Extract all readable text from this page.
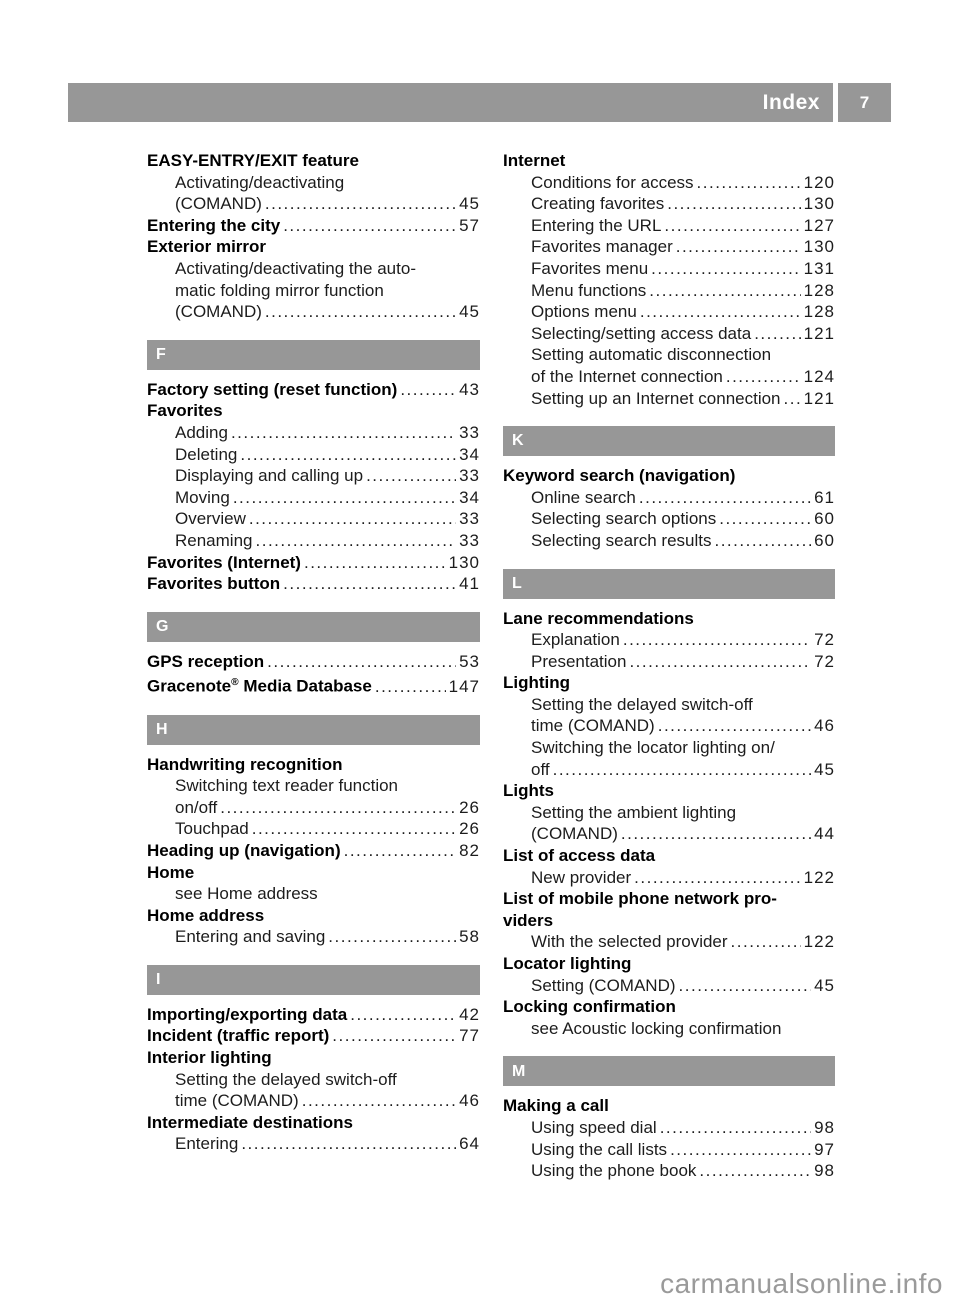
Index 7
EASY-ENTRY/EXIT feature
Activating/deactivating
(COMAND) .....	45
Entering the city .....	57
Exterior mirror
Activating/deactivating the auto-
matic folding mirror function
(COMAND) .....	45
F
Factory setting (reset function) .....	43
Favorites
Adding .....	33
Deleting .....	34
Displaying and calling up .....	33
Moving .....	34
Overview .....	33
Renaming .....	33
Favorites (Internet) .....	130
Favorites button .....	41
G
GPS reception .....	53
Gracenote® Media Database .....	147
H
Handwriting recognition
Switching text reader function
on/off .....	26
Touchpad .....	26
Heading up (navigation) .....	82
Home
see Home address
Home address
Entering and saving .....	58
I
Importing/exporting data .....	42
Incident (traffic report) .....	77
Interior lighting
Setting the delayed switch-off
time (COMAND) .....	46
Intermediate destinations
Entering .....	64
Internet
Conditions for access .....	120
Creating favorites .....	130
Entering the URL .....	127
Favorites manager .....	130
Favorites menu .....	131
Menu functions .....	128
Options menu .....	128
Selecting/setting access data .....	121
Setting automatic disconnection
of the Internet connection .....	124
Setting up an Internet connection ..... 121
K
Keyword search (navigation)
Online search .....	61
Selecting search options .....	60
Selecting search results .....	60
L
Lane recommendations
Explanation .....	72
Presentation .....	72
Lighting
Setting the delayed switch-off
time (COMAND) .....	46
Switching the locator lighting on/
off .....	45
Lights
Setting the ambient lighting
(COMAND) .....	44
List of access data
New provider .....	122
List of mobile phone network pro-
viders
With the selected provider .....	122
Locator lighting
Setting (COMAND) .....	45
Locking confirmation
see Acoustic locking confirmation
M
Making a call
Using speed dial .....	98
Using the call lists .....	97
Using the phone book .....	98
carmanualsonline.info
